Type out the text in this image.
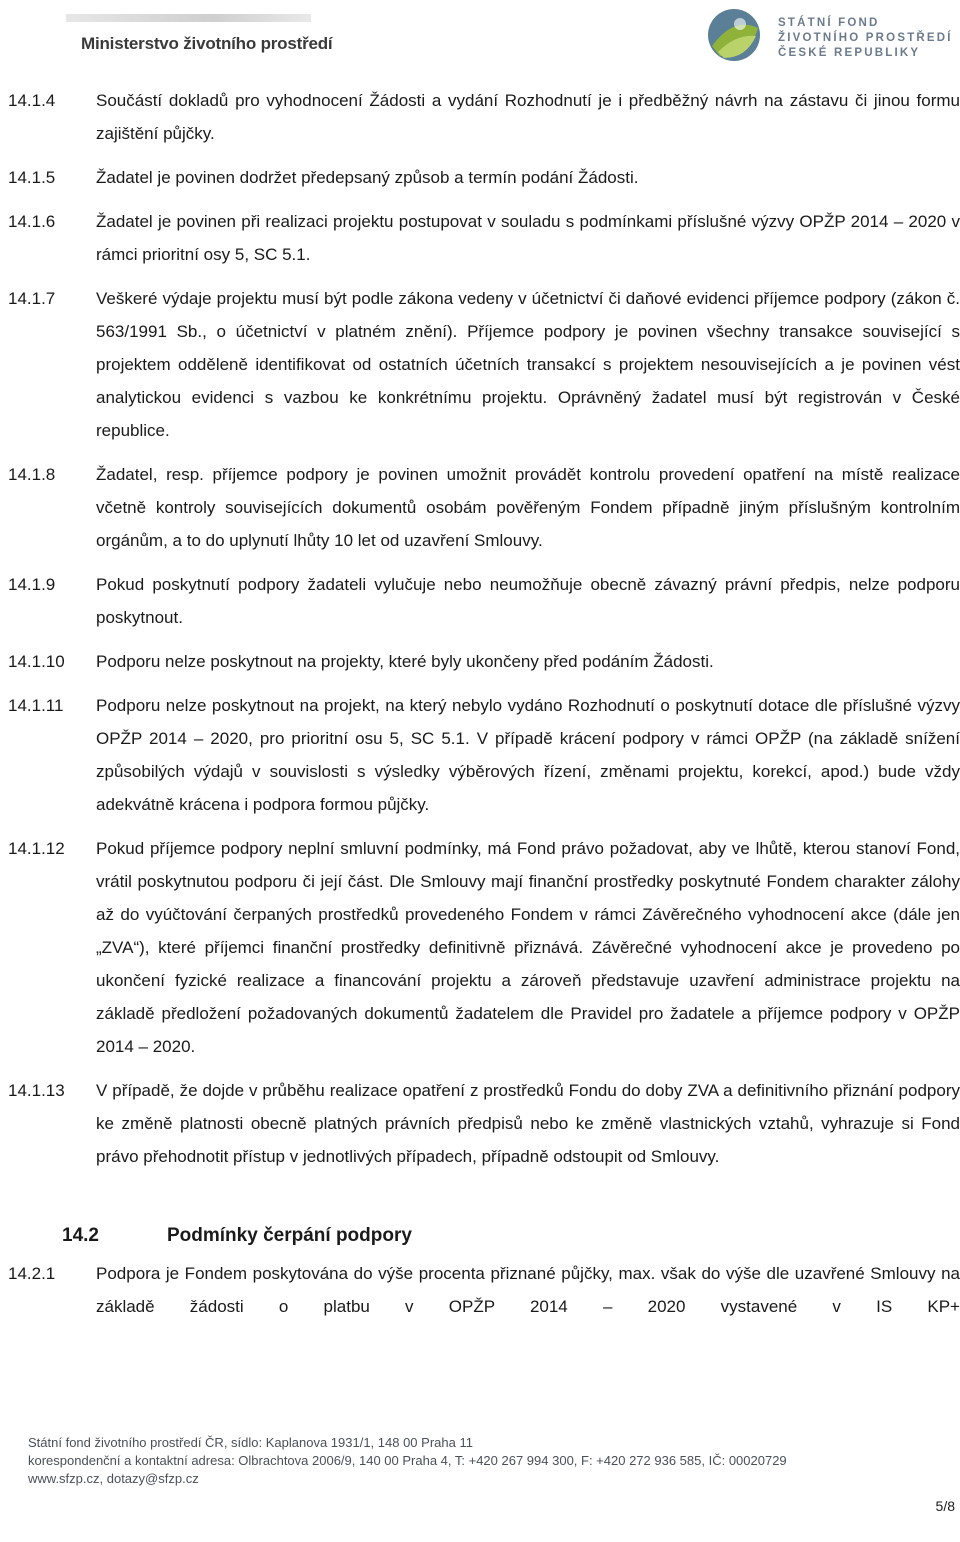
Ministerstvo životního prostředí
STÁTNÍ FOND
ŽIVOTNÍHO PROSTŘEDÍ
ČESKÉ REPUBLIKY
14.1.4	Součástí dokladů pro vyhodnocení Žádosti a vydání Rozhodnutí je i předběžný návrh na zástavu či jinou formu zajištění půjčky.
14.1.5	Žadatel je povinen dodržet předepsaný způsob a termín podání Žádosti.
14.1.6	Žadatel je povinen při realizaci projektu postupovat v souladu s podmínkami příslušné výzvy OPŽP 2014 – 2020 v rámci prioritní osy 5, SC 5.1.
14.1.7	Veškeré výdaje projektu musí být podle zákona vedeny v účetnictví či daňové evidenci příjemce podpory (zákon č. 563/1991 Sb., o účetnictví v platném znění). Příjemce podpory je povinen všechny transakce související s projektem odděleně identifikovat od ostatních účetních transakcí s projektem nesouvisejících a je povinen vést analytickou evidenci s vazbou ke konkrétnímu projektu. Oprávněný žadatel musí být registrován v České republice.
14.1.8	Žadatel, resp. příjemce podpory je povinen umožnit provádět kontrolu provedení opatření na místě realizace včetně kontroly souvisejících dokumentů osobám pověřeným Fondem případně jiným příslušným kontrolním orgánům, a to do uplynutí lhůty 10 let od uzavření Smlouvy.
14.1.9	Pokud poskytnutí podpory žadateli vylučuje nebo neumožňuje obecně závazný právní předpis, nelze podporu poskytnout.
14.1.10	Podporu nelze poskytnout na projekty, které byly ukončeny před podáním Žádosti.
14.1.11	Podporu nelze poskytnout na projekt, na který nebylo vydáno Rozhodnutí o poskytnutí dotace dle příslušné výzvy OPŽP 2014 – 2020, pro prioritní osu 5, SC 5.1. V případě krácení podpory v rámci OPŽP (na základě snížení způsobilých výdajů v souvislosti s výsledky výběrových řízení, změnami projektu, korekcí, apod.) bude vždy adekvátně krácena i podpora formou půjčky.
14.1.12	Pokud příjemce podpory neplní smluvní podmínky, má Fond právo požadovat, aby ve lhůtě, kterou stanoví Fond, vrátil poskytnutou podporu či její část. Dle Smlouvy mají finanční prostředky poskytnuté Fondem charakter zálohy až do vyúčtování čerpaných prostředků provedeného Fondem v rámci Závěrečného vyhodnocení akce (dále jen „ZVA“), které příjemci finanční prostředky definitivně přiznává. Závěrečné vyhodnocení akce je provedeno po ukončení fyzické realizace a financování projektu a zároveň představuje uzavření administrace projektu na základě předložení požadovaných dokumentů žadatelem dle Pravidel pro žadatele a příjemce podpory v OPŽP 2014 – 2020.
14.1.13	V případě, že dojde v průběhu realizace opatření z prostředků Fondu do doby ZVA a definitivního přiznání podpory ke změně platnosti obecně platných právních předpisů nebo ke změně vlastnických vztahů, vyhrazuje si Fond právo přehodnotit přístup v jednotlivých případech, případně odstoupit od Smlouvy.
14.2	Podmínky čerpání podpory
14.2.1	Podpora je Fondem poskytována do výše procenta přiznané půjčky, max. však do výše dle uzavřené Smlouvy na základě žádosti o platbu v OPŽP 2014 – 2020 vystavené v IS KP+
Státní fond životního prostředí ČR, sídlo: Kaplanova 1931/1, 148 00 Praha 11
korespondenční a kontaktní adresa: Olbrachtova 2006/9, 140 00 Praha 4, T: +420 267 994 300, F: +420 272 936 585, IČ: 00020729
www.sfzp.cz, dotazy@sfzp.cz
5/8
